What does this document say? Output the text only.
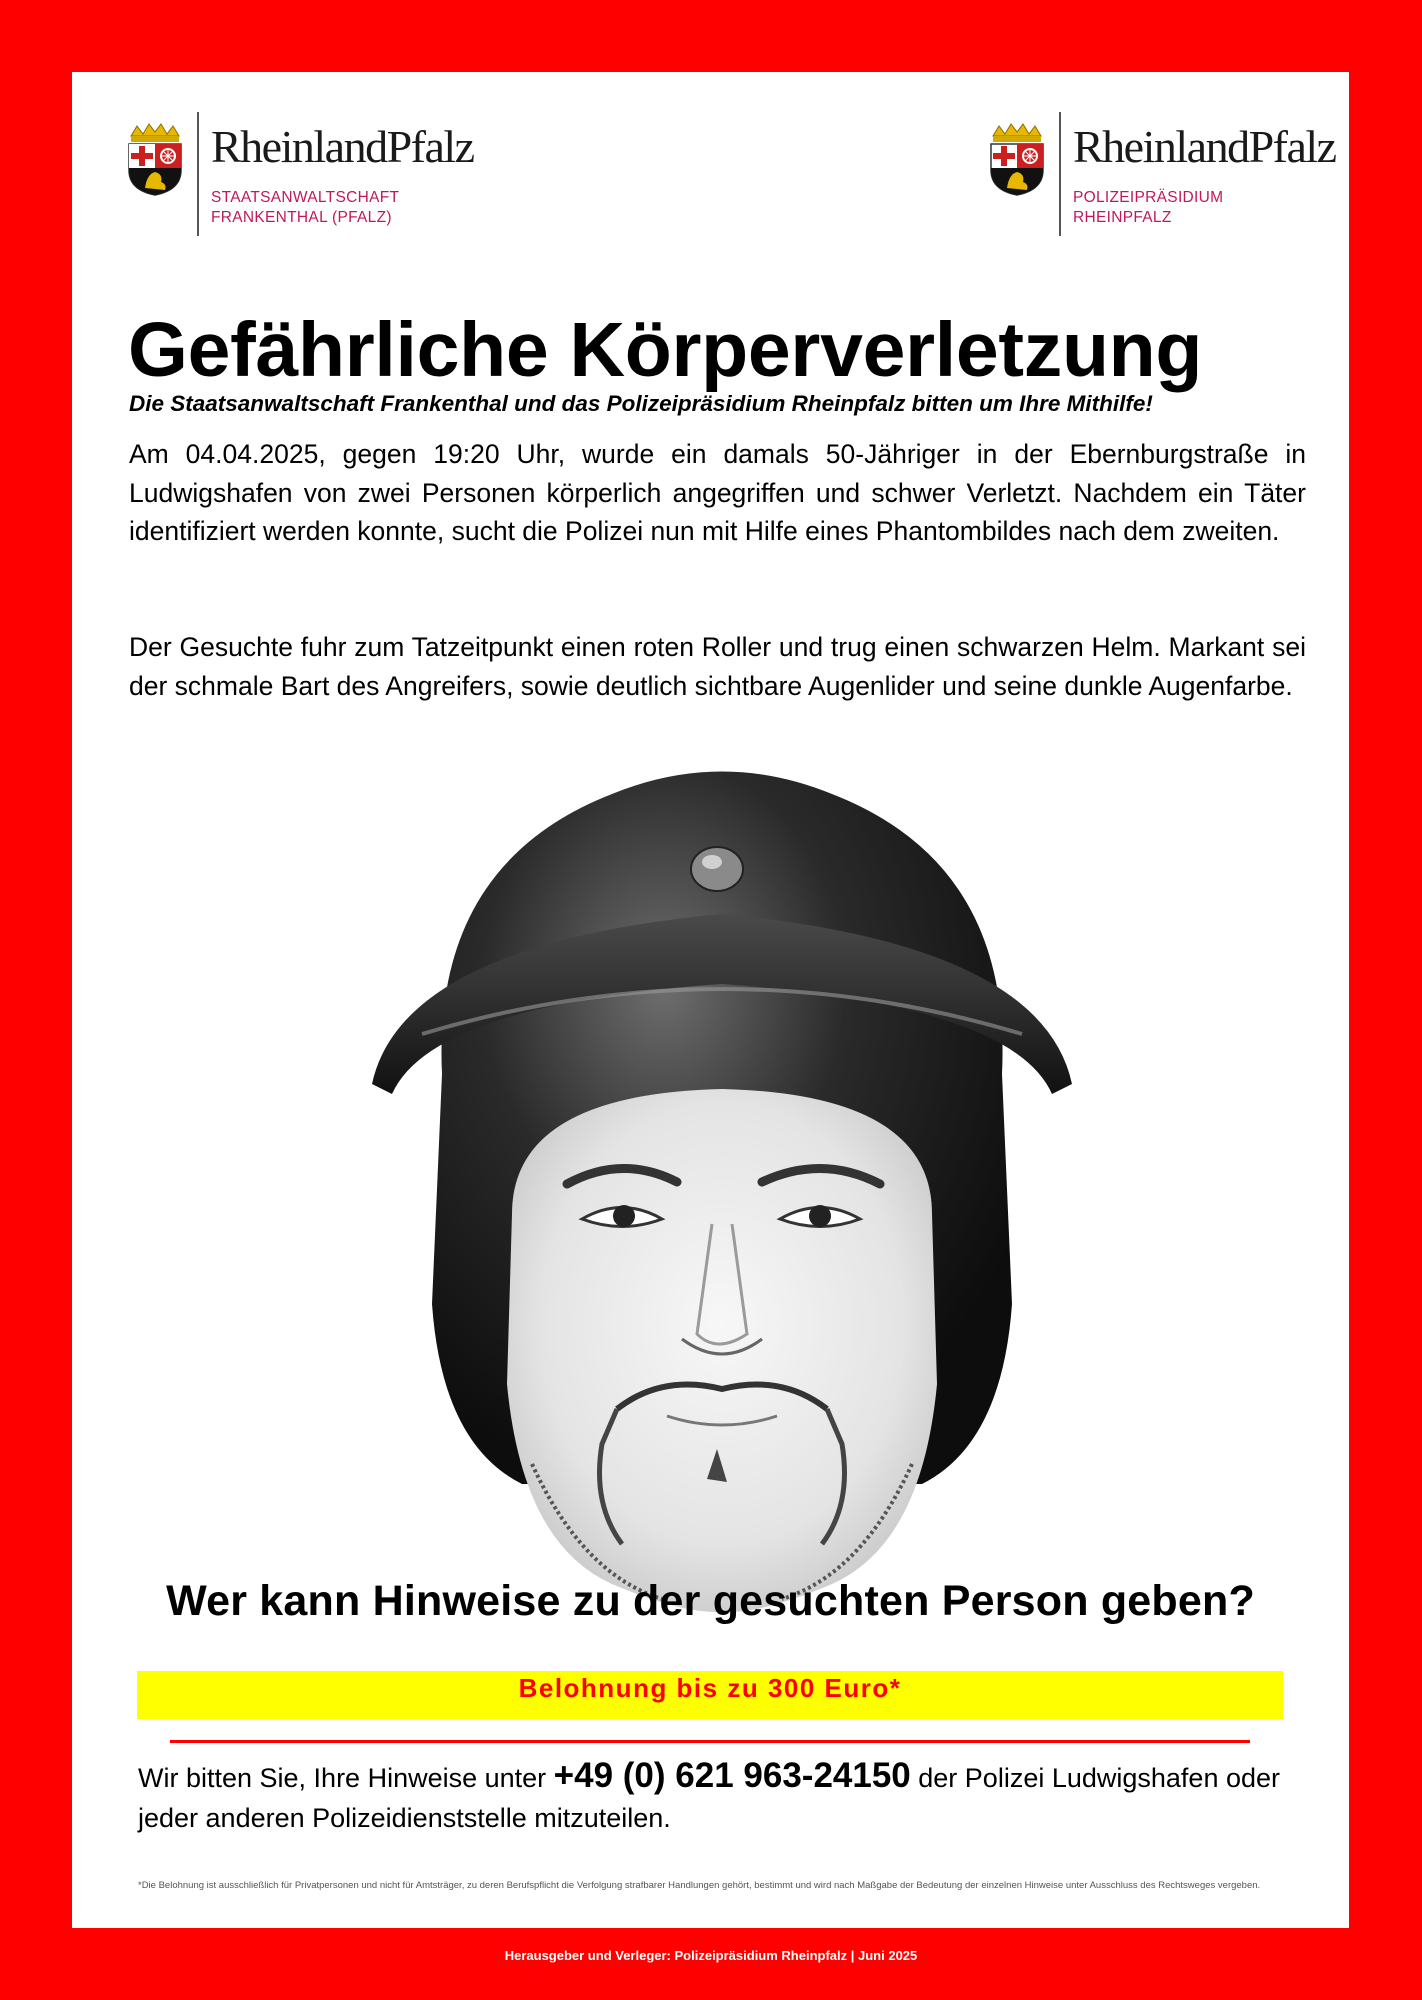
RheinlandPfalz
STAATSANWALTSCHAFT
FRANKENTHAL (PFALZ)
RheinlandPfalz
POLIZEIPRÄSIDIUM
RHEINPFALZ
Gefährliche Körperverletzung
Die Staatsanwaltschaft Frankenthal und das Polizeipräsidium Rheinpfalz bitten um Ihre Mithilfe!

Am 04.04.2025, gegen 19:20 Uhr, wurde ein damals 50-Jähriger in der Ebernburgstraße in Ludwigshafen von zwei Personen körperlich angegriffen und schwer Verletzt. Nachdem ein Täter identifiziert werden konnte, sucht die Polizei nun mit Hilfe eines Phantombildes nach dem zweiten.

Der Gesuchte fuhr zum Tatzeitpunkt einen roten Roller und trug einen schwarzen Helm. Markant sei der schmale Bart des Angreifers, sowie deutlich sichtbare Augenlider und seine dunkle Augenfarbe.

Wer kann Hinweise zu der gesuchten Person geben?
Belohnung bis zu 300 Euro*
Wir bitten Sie, Ihre Hinweise unter +49 (0) 621 963-24150 der Polizei Ludwigshafen oder jeder anderen Polizeidienststelle mitzuteilen.
*Die Belohnung ist ausschließlich für Privatpersonen und nicht für Amtsträger, zu deren Berufspflicht die Verfolgung strafbarer Handlungen gehört, bestimmt und wird nach Maßgabe der Bedeutung der einzelnen Hinweise unter Ausschluss des Rechtsweges vergeben.
Herausgeber und Verleger: Polizeipräsidium Rheinpfalz | Juni 2025
